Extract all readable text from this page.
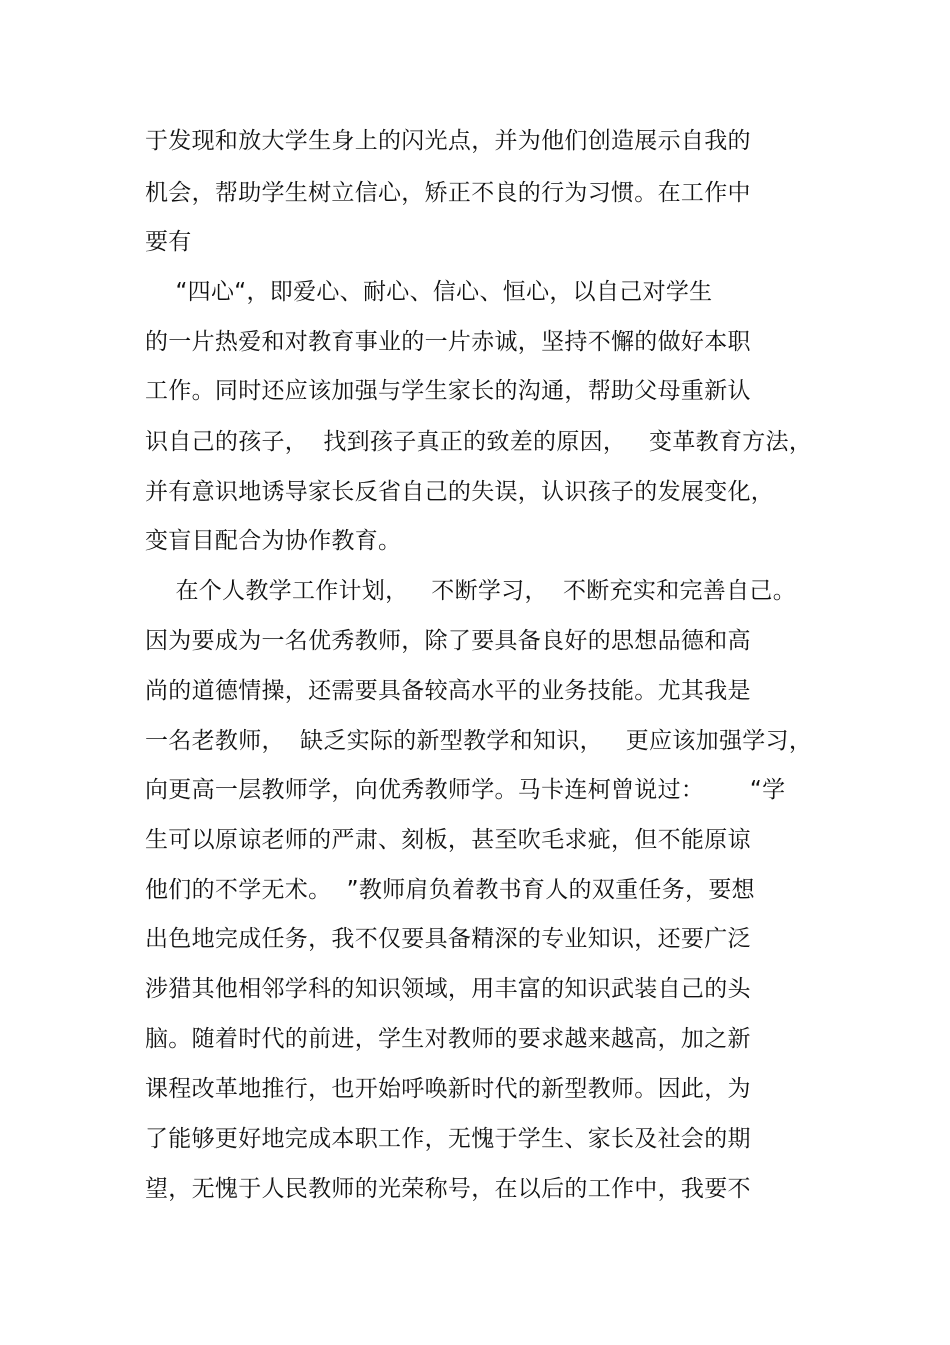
于发现和放大学生身上的闪光点，并为他们创造展示自我的
机会，帮助学生树立信心，矫正不良的行为习惯。在工作中
要有
“四心“，即爱心、耐心、信心、恒心，以自己对学生
的一片热爱和对教育事业的一片赤诚，坚持不懈的做好本职
工作。同时还应该加强与学生家长的沟通，帮助父母重新认
识自己的孩子，  找到孩子真正的致差的原因，   变革教育方法，
并有意识地诱导家长反省自己的失误，认识孩子的发展变化，
变盲目配合为协作教育。
在个人教学工作计划，   不断学习，  不断充实和完善自己。
因为要成为一名优秀教师，除了要具备良好的思想品德和高
尚的道德情操，还需要具备较高水平的业务技能。尤其我是
一名老教师，  缺乏实际的新型教学和知识，   更应该加强学习，
向更高一层教师学，向优秀教师学。马卡连柯曾说过：      “学
生可以原谅老师的严肃、刻板，甚至吹毛求疵，但不能原谅
他们的不学无术。  ”教师肩负着教书育人的双重任务，要想
出色地完成任务，我不仅要具备精深的专业知识，还要广泛
涉猎其他相邻学科的知识领域，用丰富的知识武装自己的头
脑。随着时代的前进，学生对教师的要求越来越高，加之新
课程改革地推行，也开始呼唤新时代的新型教师。因此，为
了能够更好地完成本职工作，无愧于学生、家长及社会的期
望，无愧于人民教师的光荣称号，在以后的工作中，我要不
